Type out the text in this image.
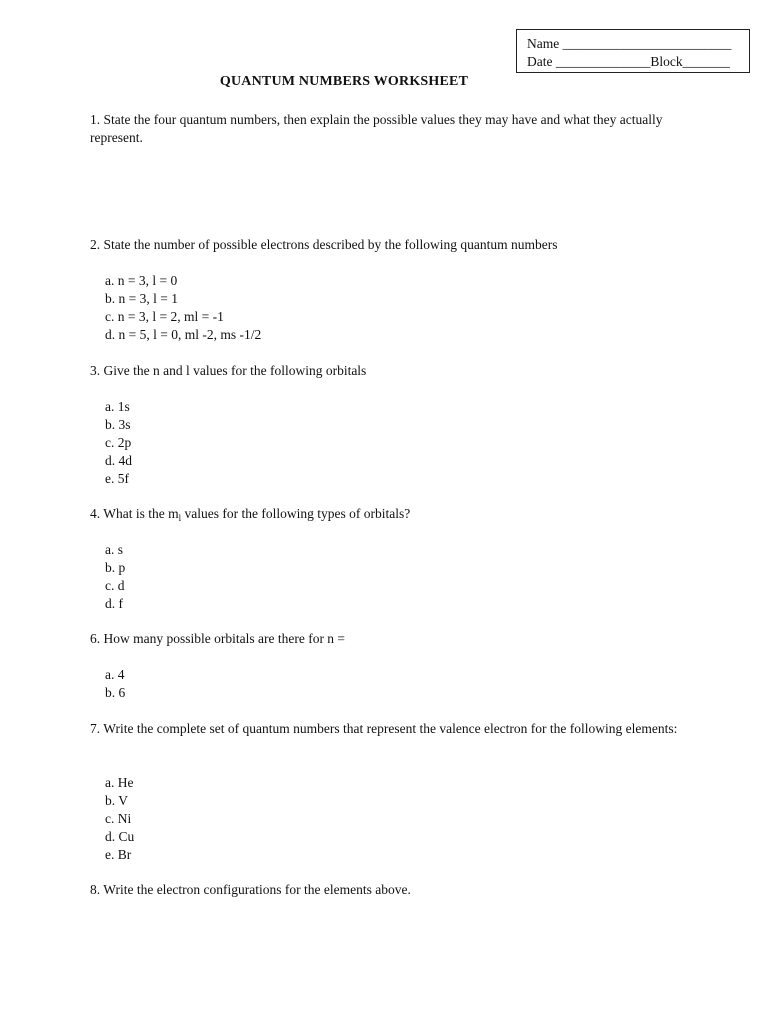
Name _________________________
Date ______________Block_______
QUANTUM NUMBERS WORKSHEET
1. State the four quantum numbers, then explain the possible values they may have and what they actually represent.
2. State the number of possible electrons described by the following quantum numbers
a. n = 3, l = 0
b. n = 3, l = 1
c. n = 3, l = 2, ml = -1
d. n = 5, l = 0, ml -2, ms -1/2
3. Give the n and l values for the following orbitals
a. 1s
b. 3s
c. 2p
d. 4d
e. 5f
4. What is the $m_l$ values for the following types of orbitals?
a. s
b. p
c. d
d. f
6. How many possible orbitals are there for n =
a. 4
b. 6
7. Write the complete set of quantum numbers that represent the valence electron for the following elements:
a. He
b. V
c. Ni
d. Cu
e. Br
8. Write the electron configurations for the elements above.
